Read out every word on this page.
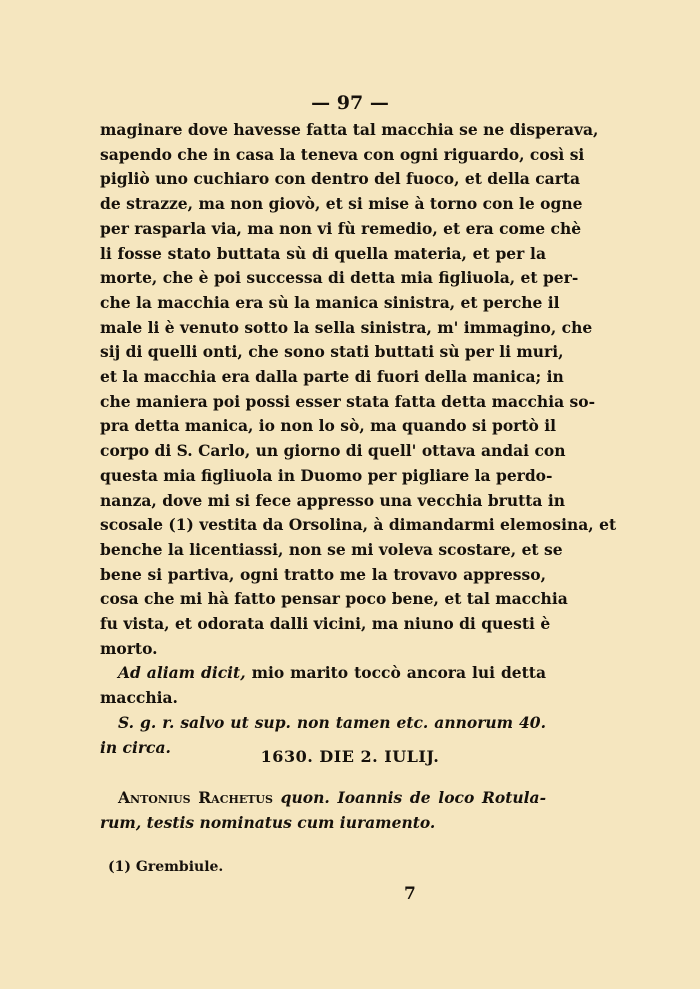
— 97 —
maginare dove havesse fatta tal macchia se ne disperava,
sapendo che in casa la teneva con ogni riguardo, così si
pigliò uno cuchiaro con dentro del fuoco, et della carta
de strazze, ma non giovò, et si mise à torno con le ogne
per rasparla via, ma non vi fù remedio, et era come chè
li fosse stato buttata sù di quella materia, et per la
morte, che è poi successa di detta mia figliuola, et per-
che la macchia era sù la manica sinistra, et perche il
male li è venuto sotto la sella sinistra, m' immagino, che
sij di quelli onti, che sono stati buttati sù per li muri,
et la macchia era dalla parte di fuori della manica; in
che maniera poi possi esser stata fatta detta macchia so-
pra detta manica, io non lo sò, ma quando si portò il
corpo di S. Carlo, un giorno di quell' ottava andai con
questa mia figliuola in Duomo per pigliare la perdo-
nanza, dove mi si fece appresso una vecchia brutta in
scosale (1) vestita da Orsolina, à dimandarmi elemosina, et
benche la licentiassi, non se mi voleva scostare, et se
bene si partiva, ogni tratto me la trovavo appresso,
cosa che mi hà fatto pensar poco bene, et tal macchia
fu vista, et odorata dalli vicini, ma niuno di questi è
morto.
Ad aliam dicit, mio marito toccò ancora lui detta
macchia.
S. g. r. salvo ut sup. non tamen etc. annorum 40.
in circa.	1630. DIE 2. IULIJ.
Antonius Rachetus quon. Ioannis de loco Rotula-
rum, testis nominatus cum iuramento.
(1) Grembiule.
7
